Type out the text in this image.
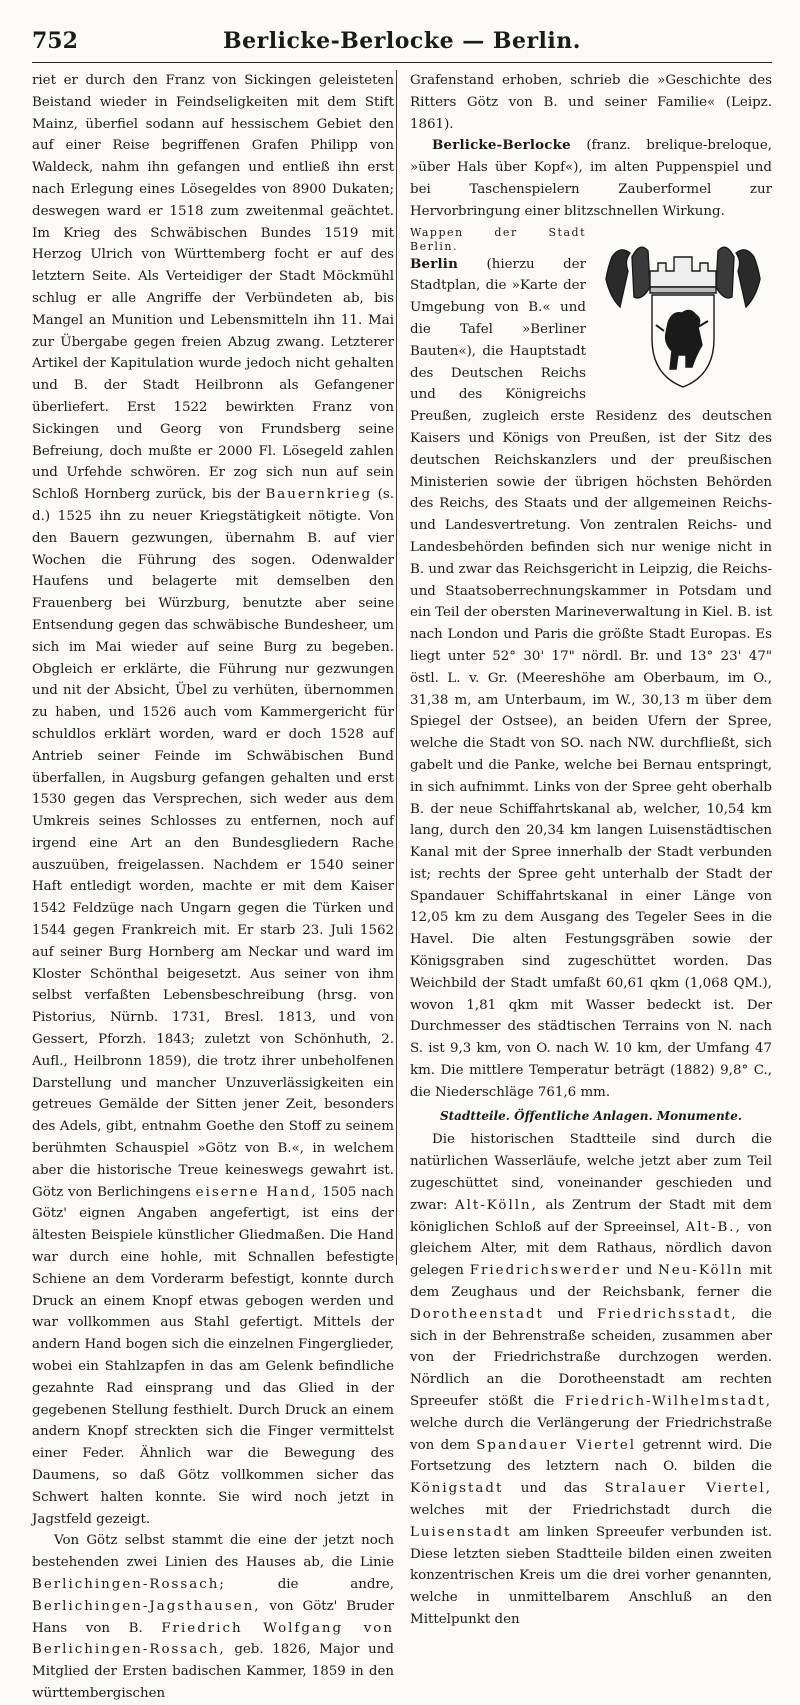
752	Berlicke-Berlocke — Berlin.

riet er durch den Franz von Sickingen geleisteten Beistand wieder in Feindseligkeiten mit dem Stift Mainz, überfiel sodann auf hessischem Gebiet den auf einer Reise begriffenen Grafen Philipp von Waldeck, nahm ihn gefangen und entließ ihn erst nach Erlegung eines Lösegeldes von 8900 Dukaten; deswegen ward er 1518 zum zweitenmal geächtet. Im Krieg des Schwäbischen Bundes 1519 mit Herzog Ulrich von Württemberg focht er auf des letztern Seite. Als Verteidiger der Stadt Möckmühl schlug er alle Angriffe der Verbündeten ab, bis Mangel an Munition und Lebensmitteln ihn 11. Mai zur Übergabe gegen freien Abzug zwang. Letzterer Artikel der Kapitulation wurde jedoch nicht gehalten und B. der Stadt Heilbronn als Gefangener überliefert. Erst 1522 bewirkten Franz von Sickingen und Georg von Frundsberg seine Befreiung, doch mußte er 2000 Fl. Lösegeld zahlen und Urfehde schwören. Er zog sich nun auf sein Schloß Hornberg zurück, bis der Bauernkrieg (s. d.) 1525 ihn zu neuer Kriegstätigkeit nötigte. Von den Bauern gezwungen, übernahm B. auf vier Wochen die Führung des sogen. Odenwalder Haufens und belagerte mit demselben den Frauenberg bei Würzburg, benutzte aber seine Entsendung gegen das schwäbische Bundesheer, um sich im Mai wieder auf seine Burg zu begeben. Obgleich er erklärte, die Führung nur gezwungen und nit der Absicht, Übel zu verhüten, übernommen zu haben, und 1526 auch vom Kammergericht für schuldlos erklärt worden, ward er doch 1528 auf Antrieb seiner Feinde im Schwäbischen Bund überfallen, in Augsburg gefangen gehalten und erst 1530 gegen das Versprechen, sich weder aus dem Umkreis seines Schlosses zu entfernen, noch auf irgend eine Art an den Bundesgliedern Rache auszuüben, freigelassen. Nachdem er 1540 seiner Haft entledigt worden, machte er mit dem Kaiser 1542 Feldzüge nach Ungarn gegen die Türken und 1544 gegen Frankreich mit. Er starb 23. Juli 1562 auf seiner Burg Hornberg am Neckar und ward im Kloster Schönthal beigesetzt. Aus seiner von ihm selbst verfaßten Lebensbeschreibung (hrsg. von Pistorius, Nürnb. 1731, Bresl. 1813, und von Gessert, Pforzh. 1843; zuletzt von Schönhuth, 2. Aufl., Heilbronn 1859), die trotz ihrer unbeholfenen Darstellung und mancher Unzuverlässigkeiten ein getreues Gemälde der Sitten jener Zeit, besonders des Adels, gibt, entnahm Goethe den Stoff zu seinem berühmten Schauspiel »Götz von B.«, in welchem aber die historische Treue keineswegs gewahrt ist. Götz von Berlichingens eiserne Hand, 1505 nach Götz' eignen Angaben angefertigt, ist eins der ältesten Beispiele künstlicher Gliedmaßen. Die Hand war durch eine hohle, mit Schnallen befestigte Schiene an dem Vorderarm befestigt, konnte durch Druck an einem Knopf etwas gebogen werden und war vollkommen aus Stahl gefertigt. Mittels der andern Hand bogen sich die einzelnen Fingerglieder, wobei ein Stahlzapfen in das am Gelenk befindliche gezahnte Rad einsprang und das Glied in der gegebenen Stellung festhielt. Durch Druck an einem andern Knopf streckten sich die Finger vermittelst einer Feder. Ähnlich war die Bewegung des Daumens, so daß Götz vollkommen sicher das Schwert halten konnte. Sie wird noch jetzt in Jagstfeld gezeigt.

Von Götz selbst stammt die eine der jetzt noch bestehenden zwei Linien des Hauses ab, die Linie Berlichingen-Rossach;	die andre, Berlichingen-Jagsthausen, von Götz' Bruder Hans von B. Friedrich Wolfgang von Berlichingen-Rossach, geb. 1826, Major und Mitglied der Ersten badischen Kammer, 1859 in den württembergischen

Grafenstand erhoben, schrieb die »Geschichte des Ritters Götz von B. und seiner Familie« (Leipz. 1861).

Berlicke-Berlocke (franz. brelique-breloque, »über Hals über Kopf«), im alten Puppenspiel und bei Taschenspielern Zauberformel zur Hervorbringung einer blitzschnellen Wirkung.

Wappen der Stadt Berlin.
Berlin (hierzu der Stadtplan, die »Karte der Umgebung von B.« und die Tafel »Berliner Bauten«), die Hauptstadt des Deutschen Reichs und des Königreichs Preußen, zugleich erste Residenz des deutschen Kaisers und Königs von Preußen, ist der Sitz des deutschen Reichskanzlers und der preußischen Ministerien sowie der übrigen höchsten Behörden des Reichs, des Staats und der allgemeinen Reichs- und Landesvertretung. Von zentralen Reichs- und Landesbehörden befinden sich nur wenige nicht in B. und zwar das Reichsgericht in Leipzig, die Reichs- und Staatsoberrechnungskammer in Potsdam und ein Teil der obersten Marineverwaltung in Kiel. B. ist nach London und Paris die größte Stadt Europas. Es liegt unter 52° 30' 17" nördl. Br. und 13° 23' 47" östl. L. v. Gr. (Meereshöhe am Oberbaum, im O., 31,38 m, am Unterbaum, im W., 30,13 m über dem Spiegel der Ostsee), an beiden Ufern der Spree, welche die Stadt von SO. nach NW. durchfließt, sich gabelt und die Panke, welche bei Bernau entspringt, in sich aufnimmt. Links von der Spree geht oberhalb B. der neue Schiffahrtskanal ab, welcher, 10,54 km lang, durch den 20,34 km langen Luisenstädtischen Kanal mit der Spree innerhalb der Stadt verbunden ist; rechts der Spree geht unterhalb der Stadt der Spandauer Schiffahrtskanal in einer Länge von 12,05 km zu dem Ausgang des Tegeler Sees in die Havel. Die alten Festungsgräben sowie der Königsgraben sind zugeschüttet worden. Das Weichbild der Stadt umfaßt 60,61 qkm (1,068 QM.), wovon 1,81 qkm mit Wasser bedeckt ist. Der Durchmesser des städtischen Terrains von N. nach S. ist 9,3 km, von O. nach W. 10 km, der Umfang 47 km. Die mittlere Temperatur beträgt (1882) 9,8° C., die Niederschläge 761,6 mm.

Stadtteile. Öffentliche Anlagen. Monumente.

Die historischen Stadtteile sind durch die natürlichen Wasserläufe, welche jetzt aber zum Teil zugeschüttet sind, voneinander geschieden und zwar: Alt-Kölln, als Zentrum der Stadt mit dem königlichen Schloß auf der Spreeinsel, Alt-B., von gleichem Alter, mit dem Rathaus, nördlich davon gelegen Friedrichswerder und Neu-Kölln mit dem Zeughaus und der Reichsbank, ferner die Dorotheenstadt und Friedrichsstadt, die sich in der Behrenstraße scheiden, zusammen aber von der Friedrichstraße durchzogen werden. Nördlich an die Dorotheenstadt am rechten Spreeufer stößt die Friedrich-Wilhelmstadt, welche durch die Verlängerung der Friedrichstraße von dem Spandauer Viertel getrennt wird. Die Fortsetzung des letztern nach O. bilden die Königstadt und das Stralauer Viertel, welches mit der Friedrichstadt durch die Luisenstadt am linken Spreeufer verbunden ist. Diese letzten sieben Stadtteile bilden einen zweiten konzentrischen Kreis um die drei vorher genannten, welche in unmittelbarem Anschluß an den Mittelpunkt den
